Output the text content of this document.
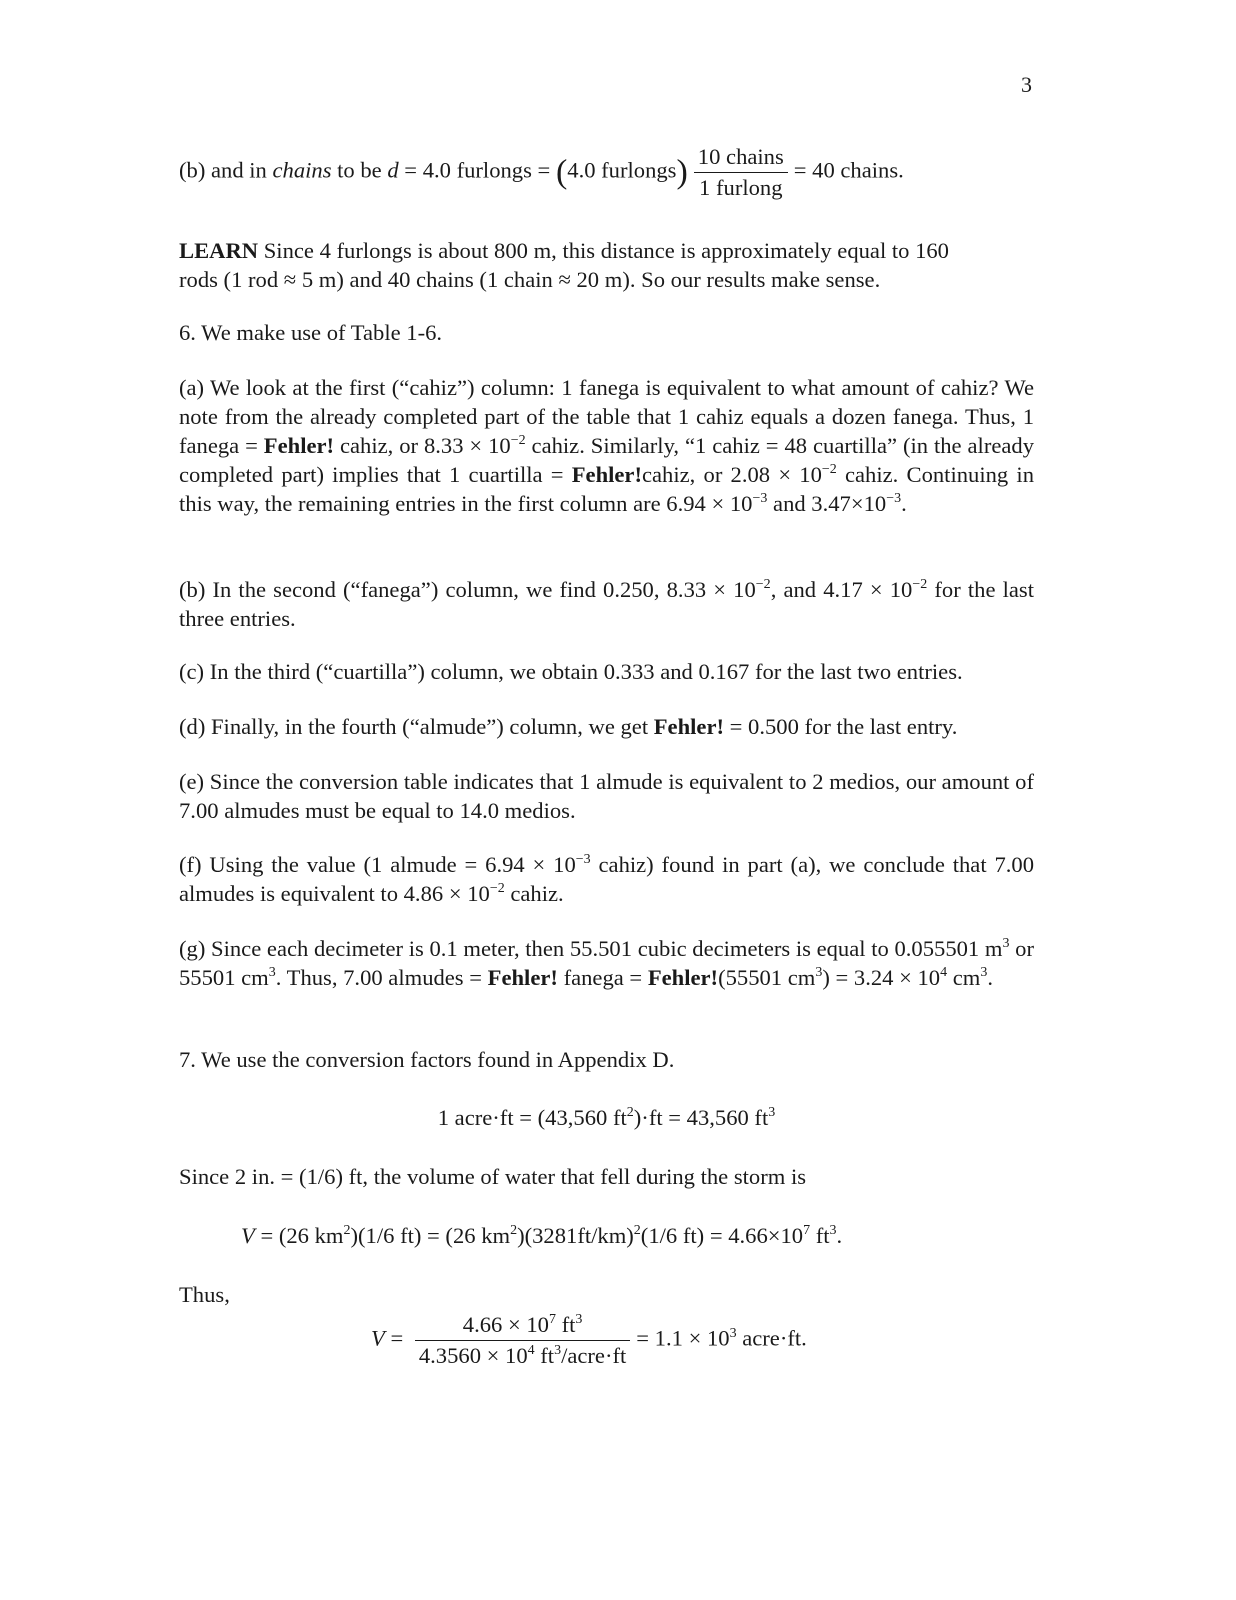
3
(b) and in chains to be d = 4.0 furlongs = (4.0 furlongs) $\frac{\text{10 chains}}{\text{1 furlong}} = 40$ chains.
LEARN Since 4 furlongs is about 800 m, this distance is approximately equal to 160
rods (1 rod ≈ 5 m) and 40 chains (1 chain ≈ 20 m). So our results make sense.
6. We make use of Table 1-6.
(a) We look at the first (“cahiz”) column: 1 fanega is equivalent to what amount of cahiz? We note from the already completed part of the table that 1 cahiz equals a dozen fanega. Thus, 1 fanega = Fehler! cahiz, or $8.33 \times 10^{-2}$ cahiz. Similarly, “1 cahiz = 48 cuartilla” (in the already completed part) implies that 1 cuartilla = Fehler!cahiz, or $2.08 \times 10^{-2}$ cahiz. Continuing in this way, the remaining entries in the first column are $6.94 \times 10^{-3}$ and $3.47\times 10^{-3}$.
(b) In the second (“fanega”) column, we find 0.250, $8.33 \times 10^{-2}$, and $4.17 \times 10^{-2}$ for the last three entries.
(c) In the third (“cuartilla”) column, we obtain 0.333 and 0.167 for the last two entries.
(d) Finally, in the fourth (“almude”) column, we get Fehler! = 0.500 for the last entry.
(e) Since the conversion table indicates that 1 almude is equivalent to 2 medios, our amount of 7.00 almudes must be equal to 14.0 medios.
(f) Using the value (1 almude = $6.94 \times 10^{-3}$ cahiz) found in part (a), we conclude that 7.00 almudes is equivalent to $4.86 \times 10^{-2}$ cahiz.
(g) Since each decimeter is 0.1 meter, then 55.501 cubic decimeters is equal to 0.055501 $m^3$ or 55501 $cm^3$. Thus, 7.00 almudes = Fehler! fanega = Fehler!(55501 $cm^3) = 3.24 \times 10^4$ $cm^3$.
7. We use the conversion factors found in Appendix D.
1 acre·ft = (43,560 $ft^2)\cdot ft = 43,560$ $ft^3$
Since 2 in. = (1/6) ft, the volume of water that fell during the storm is
V = (26 $km^2)(1/6$ ft) = (26 $km^2)(3281ft/km)^2(1/6$ $ft) = 4.66\times 10^7$ $ft^3$.
Thus,
$V = \frac{4.66 \times 10^7 ft^3}{4.3560 \times 10^4 ft^3/acre\cdot ft} = 1.1 \times 10^3$ acre·ft.
